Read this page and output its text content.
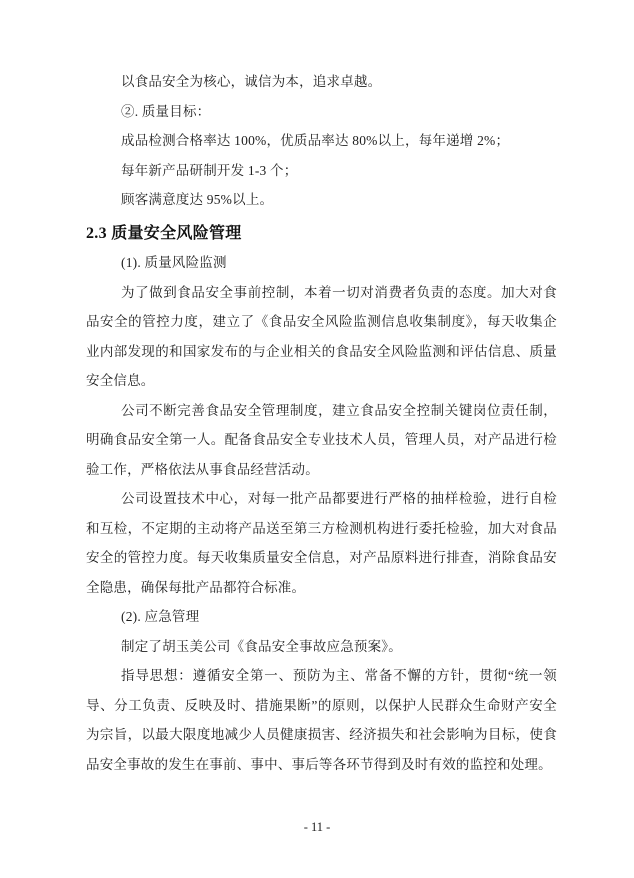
以食品安全为核心，诚信为本，追求卓越。

②. 质量目标：

成品检测合格率达 100%，优质品率达 80%以上，每年递增 2%；

每年新产品研制开发 1-3 个；

顾客满意度达 95%以上。

2.3 质量安全风险管理

(1). 质量风险监测

为了做到食品安全事前控制，本着一切对消费者负责的态度。加大对食品安全的管控力度，建立了《食品安全风险监测信息收集制度》，每天收集企业内部发现的和国家发布的与企业相关的食品安全风险监测和评估信息、质量安全信息。

公司不断完善食品安全管理制度，建立食品安全控制关键岗位责任制，明确食品安全第一人。配备食品安全专业技术人员，管理人员，对产品进行检验工作，严格依法从事食品经营活动。

公司设置技术中心，对每一批产品都要进行严格的抽样检验，进行自检和互检，不定期的主动将产品送至第三方检测机构进行委托检验，加大对食品安全的管控力度。每天收集质量安全信息，对产品原料进行排查，消除食品安全隐患，确保每批产品都符合标准。

(2). 应急管理

制定了胡玉美公司《食品安全事故应急预案》。

指导思想：遵循安全第一、预防为主、常备不懈的方针，贯彻“统一领导、分工负责、反映及时、措施果断”的原则，以保护人民群众生命财产安全为宗旨，以最大限度地减少人员健康损害、经济损失和社会影响为目标，使食品安全事故的发生在事前、事中、事后等各环节得到及时有效的监控和处理。

- 11 -
